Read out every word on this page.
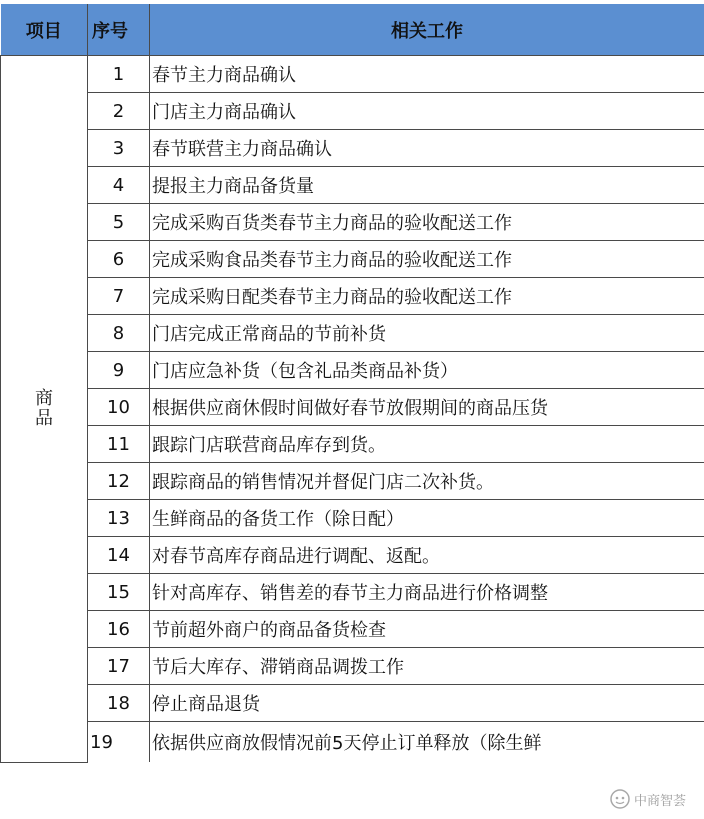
项目	序号	相关工作
商品	1	春节主力商品确认
	2	门店主力商品确认
	3	春节联营主力商品确认
	4	提报主力商品备货量
	5	完成采购百货类春节主力商品的验收配送工作
	6	完成采购食品类春节主力商品的验收配送工作
	7	完成采购日配类春节主力商品的验收配送工作
	8	门店完成正常商品的节前补货
	9	门店应急补货（包含礼品类商品补货）
	10	根据供应商休假时间做好春节放假期间的商品压货
	11	跟踪门店联营商品库存到货。
	12	跟踪商品的销售情况并督促门店二次补货。
	13	生鲜商品的备货工作（除日配）
	14	对春节高库存商品进行调配、返配。
	15	针对高库存、销售差的春节主力商品进行价格调整
	16	节前超外商户的商品备货检查
	17	节后大库存、滞销商品调拨工作
	18	停止商品退货
	19	依据供应商放假情况前5天停止订单释放（除生鲜
中商智荟
